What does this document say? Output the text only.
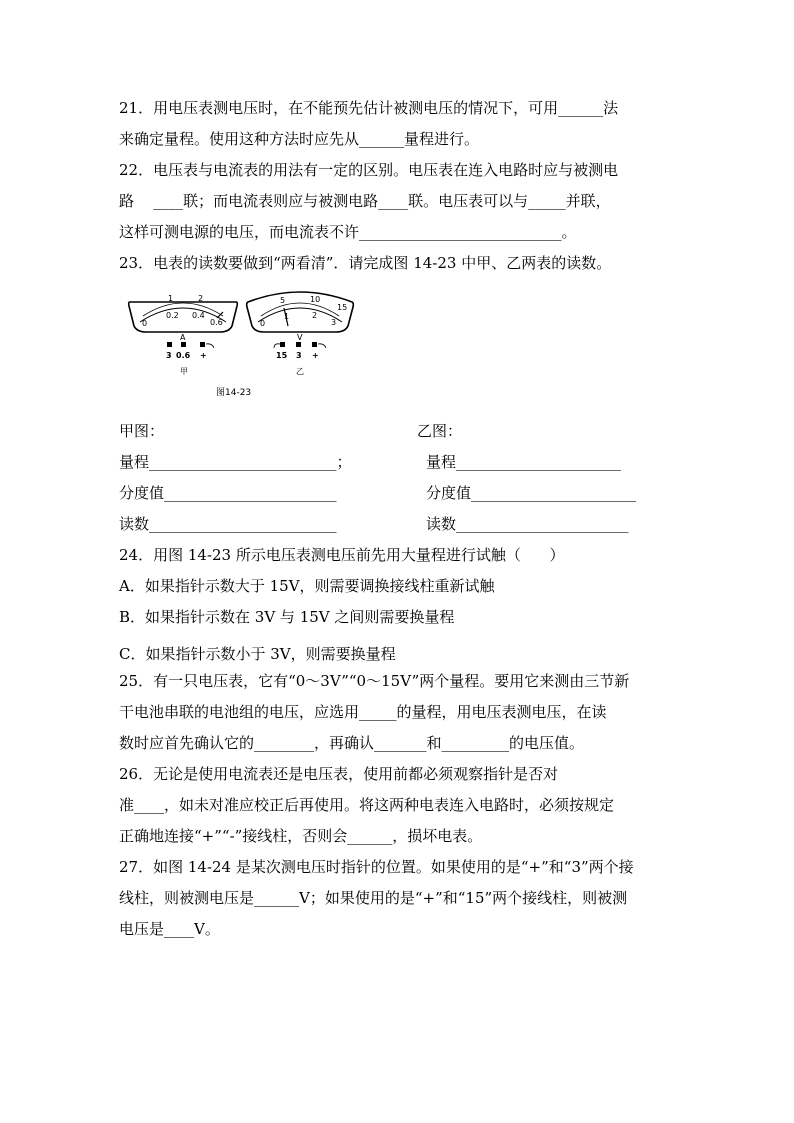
21．用电压表测电压时，在不能预先估计被测电压的情况下，可用______法
来确定量程。使用这种方法时应先从______量程进行。
22．电压表与电流表的用法有一定的区别。电压表在连入电路时应与被测电
路    ____联；而电流表则应与被测电路____联。电压表可以与_____并联，
这样可测电源的电压，而电流表不许___________________________。
23．电表的读数要做到“两看清”．请完成图 14-23 中甲、乙两表的读数。
1	2
0
0.2 0.4
0.6
A
3 0.6 +
甲
5	10
15
0
1	2
3
V
15 3 +
乙
图14-23
甲图：	乙图：
量程_________________________；	量程______________________
分度值_______________________	分度值______________________
读数_________________________	读数_______________________
24．用图 14-23 所示电压表测电压前先用大量程进行试触（      ）
A．如果指针示数大于 15V，则需要调换接线柱重新试触
B．如果指针示数在 3V 与 15V 之间则需要换量程
C．如果指针示数小于 3V，则需要换量程
25．有一只电压表，它有“0～3V”“0～15V”两个量程。要用它来测由三节新
干电池串联的电池组的电压，应选用_____的量程，用电压表测电压，在读
数时应首先确认它的________，再确认_______和_________的电压值。
26．无论是使用电流表还是电压表，使用前都必须观察指针是否对
准____，如未对准应校正后再使用。将这两种电表连入电路时，必须按规定
正确地连接“+”“-”接线柱，否则会______，损坏电表。
27．如图 14-24 是某次测电压时指针的位置。如果使用的是“+”和“3”两个接
线柱，则被测电压是______V；如果使用的是“+”和“15”两个接线柱，则被测
电压是____V。
